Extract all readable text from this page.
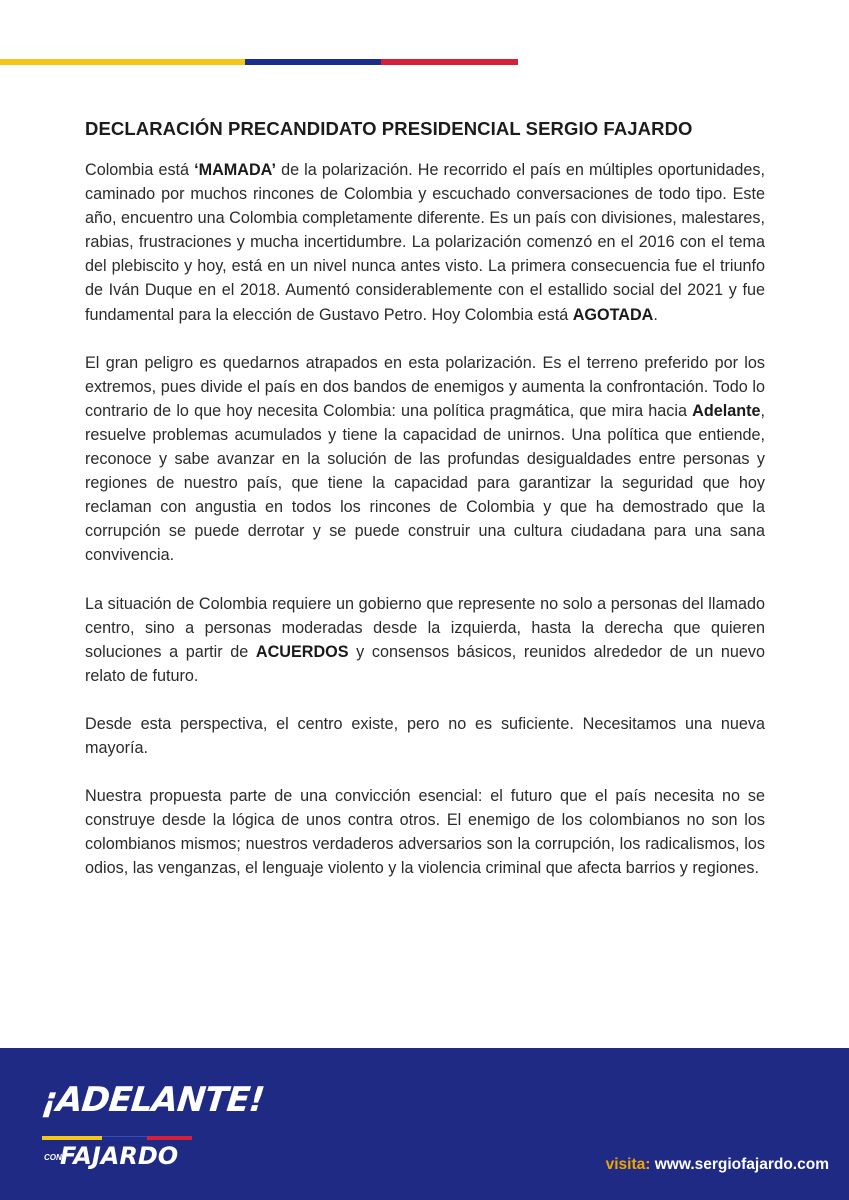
DECLARACIÓN PRECANDIDATO PRESIDENCIAL SERGIO FAJARDO

Colombia está ‘MAMADA’ de la polarización. He recorrido el país en múltiples oportunidades, caminado por muchos rincones de Colombia y escuchado conversaciones de todo tipo. Este año, encuentro una Colombia completamente diferente. Es un país con divisiones, malestares, rabias, frustraciones y mucha incertidumbre. La polarización comenzó en el 2016 con el tema del plebiscito y hoy, está en un nivel nunca antes visto. La primera consecuencia fue el triunfo de Iván Duque en el 2018. Aumentó considerablemente con el estallido social del 2021 y fue fundamental para la elección de Gustavo Petro. Hoy Colombia está AGOTADA.

El gran peligro es quedarnos atrapados en esta polarización. Es el terreno preferido por los extremos, pues divide el país en dos bandos de enemigos y aumenta la confrontación. Todo lo contrario de lo que hoy necesita Colombia: una política pragmática, que mira hacia Adelante, resuelve problemas acumulados y tiene la capacidad de unirnos. Una política que entiende, reconoce y sabe avanzar en la solución de las profundas desigualdades entre personas y regiones de nuestro país, que tiene la capacidad para garantizar la seguridad que hoy reclaman con angustia en todos los rincones de Colombia y que ha demostrado que la corrupción se puede derrotar y se puede construir una cultura ciudadana para una sana convivencia.

La situación de Colombia requiere un gobierno que represente no solo a personas del llamado centro, sino a personas moderadas desde la izquierda, hasta la derecha que quieren soluciones a partir de ACUERDOS y consensos básicos, reunidos alrededor de un nuevo relato de futuro.

Desde esta perspectiva, el centro existe, pero no es suficiente. Necesitamos una nueva mayoría.

Nuestra propuesta parte de una convicción esencial: el futuro que el país necesita no se construye desde la lógica de unos contra otros. El enemigo de los colombianos no son los colombianos mismos; nuestros verdaderos adversarios son la corrupción, los radicalismos, los odios, las venganzas, el lenguaje violento y la violencia criminal que afecta barrios y regiones.

¡ADELANTE!
CON
FAJARDO	visita: www.sergiofajardo.com
